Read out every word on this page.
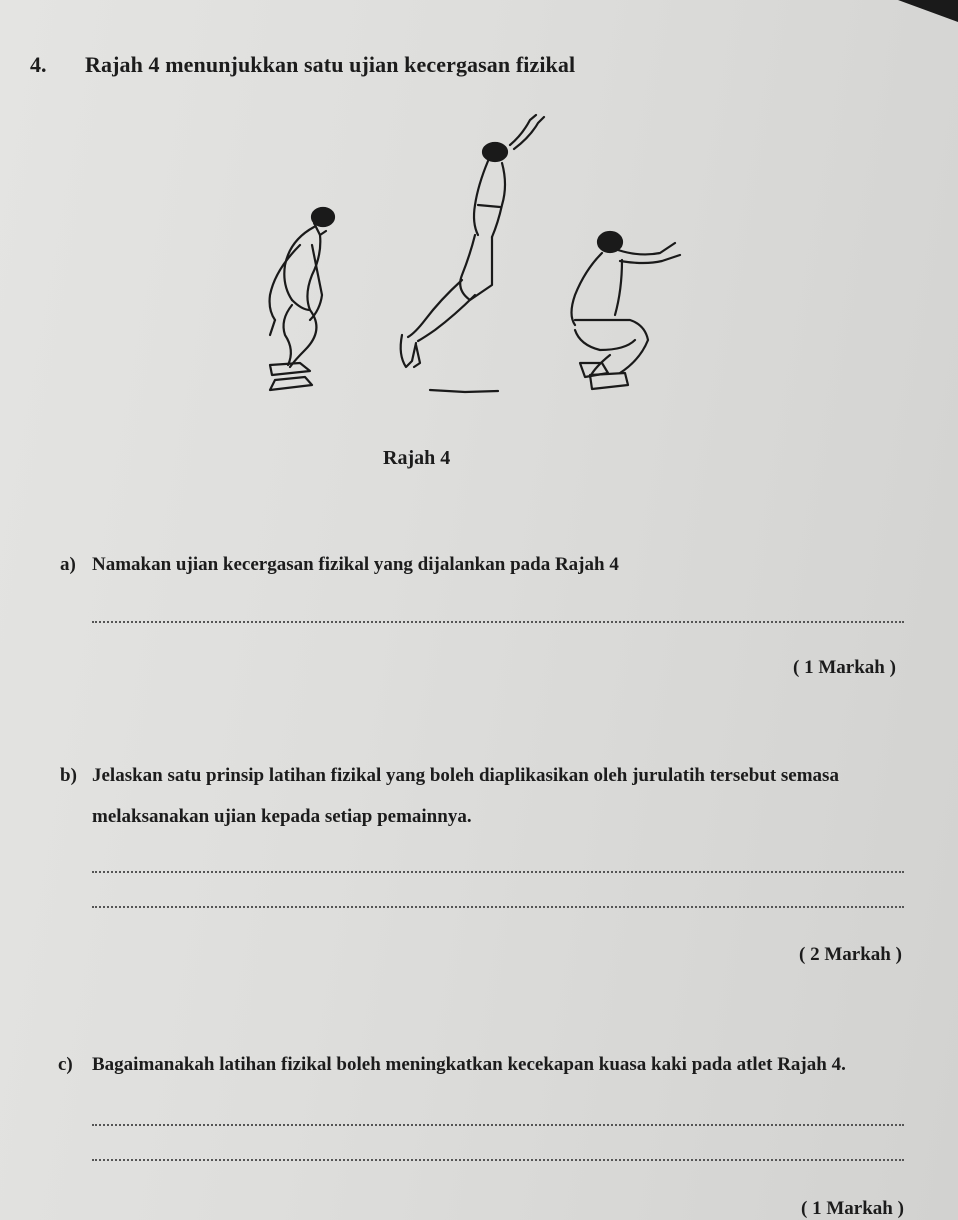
4. Rajah 4 menunjukkan satu ujian kecergasan fizikal
Rajah 4
a) Namakan ujian kecergasan fizikal yang dijalankan pada Rajah 4
( 1 Markah )
b) Jelaskan satu prinsip latihan fizikal yang boleh diaplikasikan oleh jurulatih tersebut semasa
melaksanakan ujian kepada setiap pemainnya.
( 2 Markah )
c) Bagaimanakah latihan fizikal boleh meningkatkan kecekapan kuasa kaki pada atlet Rajah 4.
( 1 Markah )
